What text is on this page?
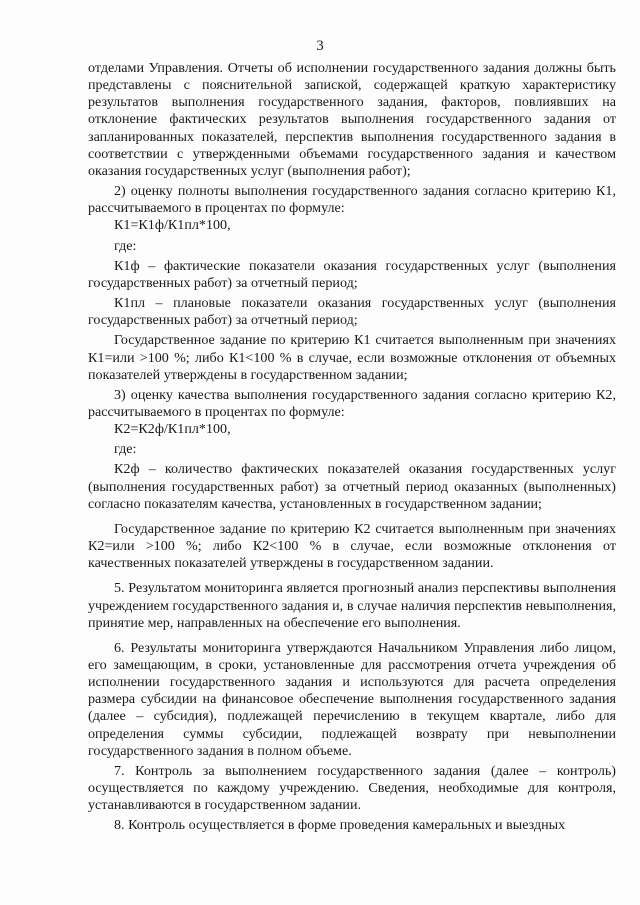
3

отделами Управления. Отчеты об исполнении государственного задания должны быть представлены с пояснительной запиской, содержащей краткую характеристику результатов выполнения государственного задания, факторов, повлиявших на отклонение фактических результатов выполнения государственного задания от запланированных показателей, перспектив выполнения государственного задания в соответствии с утвержденными объемами государственного задания и качеством оказания государственных услуг (выполнения работ);

2) оценку полноты выполнения государственного задания согласно критерию К1, рассчитываемого в процентах по формуле:

К1=К1ф/К1пл*100,

где:

К1ф – фактические показатели оказания государственных услуг (выполнения государственных работ) за отчетный период;

К1пл – плановые показатели оказания государственных услуг (выполнения государственных работ) за отчетный период;

Государственное задание по критерию К1 считается выполненным при значениях К1=или >100 %; либо К1<100 % в случае, если возможные отклонения от объемных показателей утверждены в государственном задании;

3) оценку качества выполнения государственного задания согласно критерию К2, рассчитываемого в процентах по формуле:

К2=К2ф/К1пл*100,

где:

К2ф – количество фактических показателей оказания государственных услуг (выполнения государственных работ) за отчетный период оказанных (выполненных) согласно показателям качества, установленных в государственном задании;

Государственное задание по критерию К2 считается выполненным при значениях К2=или >100 %; либо К2<100 % в случае, если возможные отклонения от качественных показателей утверждены в государственном задании.

5. Результатом мониторинга является прогнозный анализ перспективы выполнения учреждением государственного задания и, в случае наличия перспектив невыполнения, принятие мер, направленных на обеспечение его выполнения.

6. Результаты мониторинга утверждаются Начальником Управления либо лицом, его замещающим, в сроки, установленные для рассмотрения отчета учреждения об исполнении государственного задания и используются для расчета определения размера субсидии на финансовое обеспечение выполнения государственного задания (далее – субсидия), подлежащей перечислению в текущем квартале, либо для определения суммы субсидии, подлежащей возврату при невыполнении государственного задания в полном объеме.

7. Контроль за выполнением государственного задания (далее – контроль) осуществляется по каждому учреждению. Сведения, необходимые для контроля, устанавливаются в государственном задании.

8. Контроль осуществляется в форме проведения камеральных и выездных
